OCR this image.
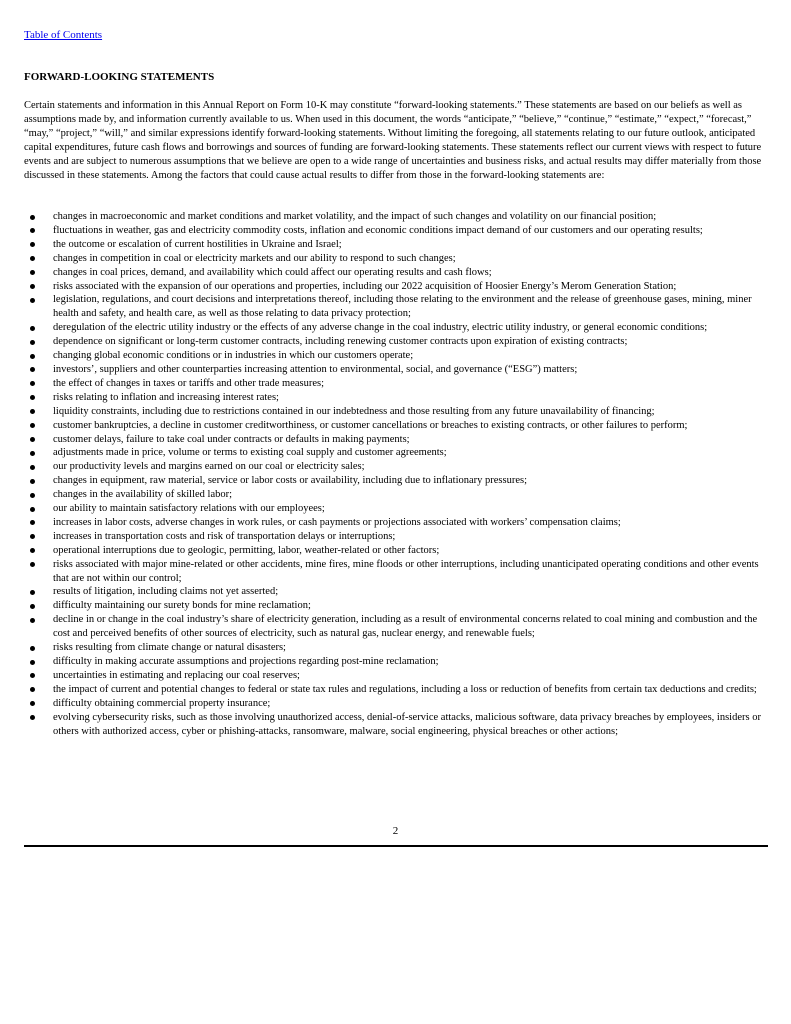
Table of Contents
FORWARD-LOOKING STATEMENTS

Certain statements and information in this Annual Report on Form 10-K may constitute “forward-looking statements.” These statements are based on our beliefs as well as assumptions made by, and information currently available to us. When used in this document, the words “anticipate,” “believe,” “continue,” “estimate,” “expect,” “forecast,” “may,” “project,” “will,” and similar expressions identify forward-looking statements. Without limiting the foregoing, all statements relating to our future outlook, anticipated capital expenditures, future cash flows and borrowings and sources of funding are forward-looking statements. These statements reflect our current views with respect to future events and are subject to numerous assumptions that we believe are open to a wide range of uncertainties and business risks, and actual results may differ materially from those discussed in these statements. Among the factors that could cause actual results to differ from those in the forward-looking statements are:

changes in macroeconomic and market conditions and market volatility, and the impact of such changes and volatility on our financial position;
fluctuations in weather, gas and electricity commodity costs, inflation and economic conditions impact demand of our customers and our operating results;
the outcome or escalation of current hostilities in Ukraine and Israel;
changes in competition in coal or electricity markets and our ability to respond to such changes;
changes in coal prices, demand, and availability which could affect our operating results and cash flows;
risks associated with the expansion of our operations and properties, including our 2022 acquisition of Hoosier Energy’s Merom Generation Station;
legislation, regulations, and court decisions and interpretations thereof, including those relating to the environment and the release of greenhouse gases, mining, miner health and safety, and health care, as well as those relating to data privacy protection;
deregulation of the electric utility industry or the effects of any adverse change in the coal industry, electric utility industry, or general economic conditions;
dependence on significant or long-term customer contracts, including renewing customer contracts upon expiration of existing contracts;
changing global economic conditions or in industries in which our customers operate;
investors’, suppliers and other counterparties increasing attention to environmental, social, and governance (“ESG”) matters;
the effect of changes in taxes or tariffs and other trade measures;
risks relating to inflation and increasing interest rates;
liquidity constraints, including due to restrictions contained in our indebtedness and those resulting from any future unavailability of financing;
customer bankruptcies, a decline in customer creditworthiness, or customer cancellations or breaches to existing contracts, or other failures to perform;
customer delays, failure to take coal under contracts or defaults in making payments;
adjustments made in price, volume or terms to existing coal supply and customer agreements;
our productivity levels and margins earned on our coal or electricity sales;
changes in equipment, raw material, service or labor costs or availability, including due to inflationary pressures;
changes in the availability of skilled labor;
our ability to maintain satisfactory relations with our employees;
increases in labor costs, adverse changes in work rules, or cash payments or projections associated with workers’ compensation claims;
increases in transportation costs and risk of transportation delays or interruptions;
operational interruptions due to geologic, permitting, labor, weather-related or other factors;
risks associated with major mine-related or other accidents, mine fires, mine floods or other interruptions, including unanticipated operating conditions and other events that are not within our control;
results of litigation, including claims not yet asserted;
difficulty maintaining our surety bonds for mine reclamation;
decline in or change in the coal industry’s share of electricity generation, including as a result of environmental concerns related to coal mining and combustion and the cost and perceived benefits of other sources of electricity, such as natural gas, nuclear energy, and renewable fuels;
risks resulting from climate change or natural disasters;
difficulty in making accurate assumptions and projections regarding post-mine reclamation;
uncertainties in estimating and replacing our coal reserves;
the impact of current and potential changes to federal or state tax rules and regulations, including a loss or reduction of benefits from certain tax deductions and credits;
difficulty obtaining commercial property insurance;
evolving cybersecurity risks, such as those involving unauthorized access, denial-of-service attacks, malicious software, data privacy breaches by employees, insiders or others with authorized access, cyber or phishing-attacks, ransomware, malware, social engineering, physical breaches or other actions;
2
